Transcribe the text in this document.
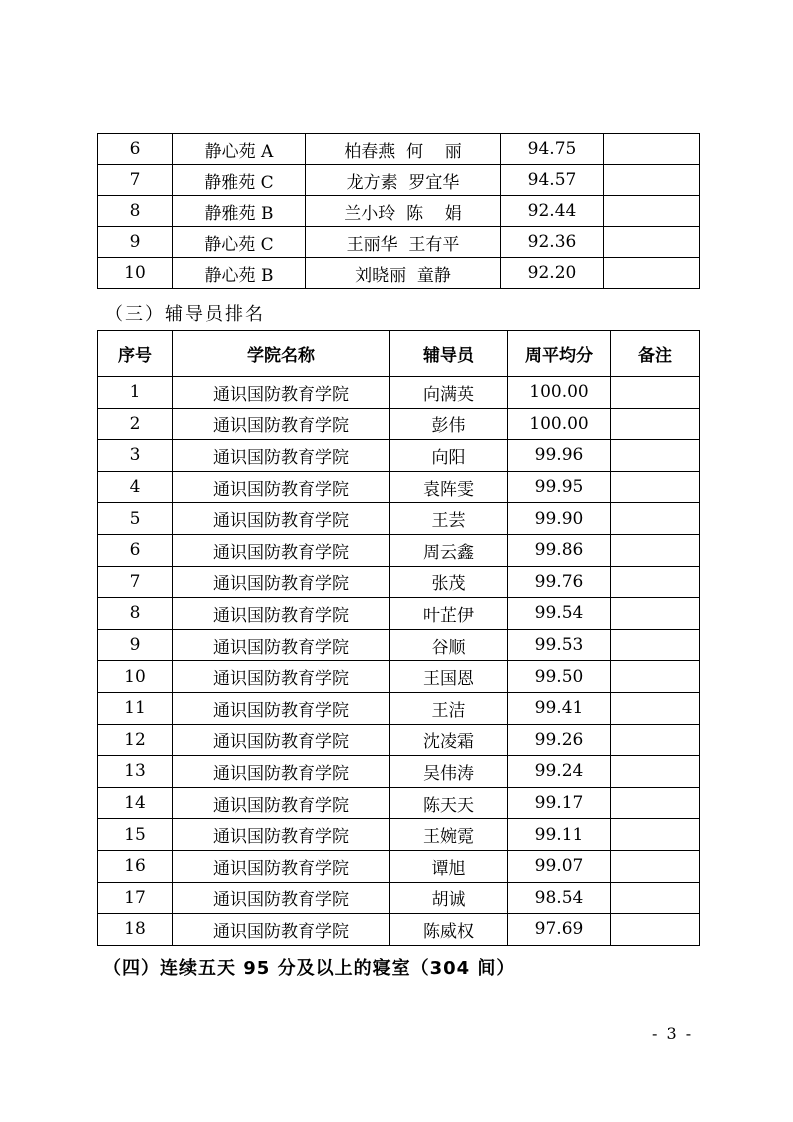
6	静心苑 A	柏春燕  何    丽	94.75	
7	静雅苑 C	龙方素  罗宜华	94.57	
8	静雅苑 B	兰小玲  陈    娟	92.44	
9	静心苑 C	王丽华  王有平	92.36	
10	静心苑 B	刘晓丽  童静	92.20	
（三）辅导员排名
序号	学院名称	辅导员	周平均分	备注
1	通识国防教育学院	向满英	100.00	
2	通识国防教育学院	彭伟	100.00	
3	通识国防教育学院	向阳	99.96	
4	通识国防教育学院	袁阵雯	99.95	
5	通识国防教育学院	王芸	99.90	
6	通识国防教育学院	周云鑫	99.86	
7	通识国防教育学院	张茂	99.76	
8	通识国防教育学院	叶芷伊	99.54	
9	通识国防教育学院	谷顺	99.53	
10	通识国防教育学院	王国恩	99.50	
11	通识国防教育学院	王洁	99.41	
12	通识国防教育学院	沈凌霜	99.26	
13	通识国防教育学院	吴伟涛	99.24	
14	通识国防教育学院	陈天天	99.17	
15	通识国防教育学院	王婉霓	99.11	
16	通识国防教育学院	谭旭	99.07	
17	通识国防教育学院	胡诚	98.54	
18	通识国防教育学院	陈威权	97.69	
（四）连续五天 95 分及以上的寝室（304 间）
- 3 -
